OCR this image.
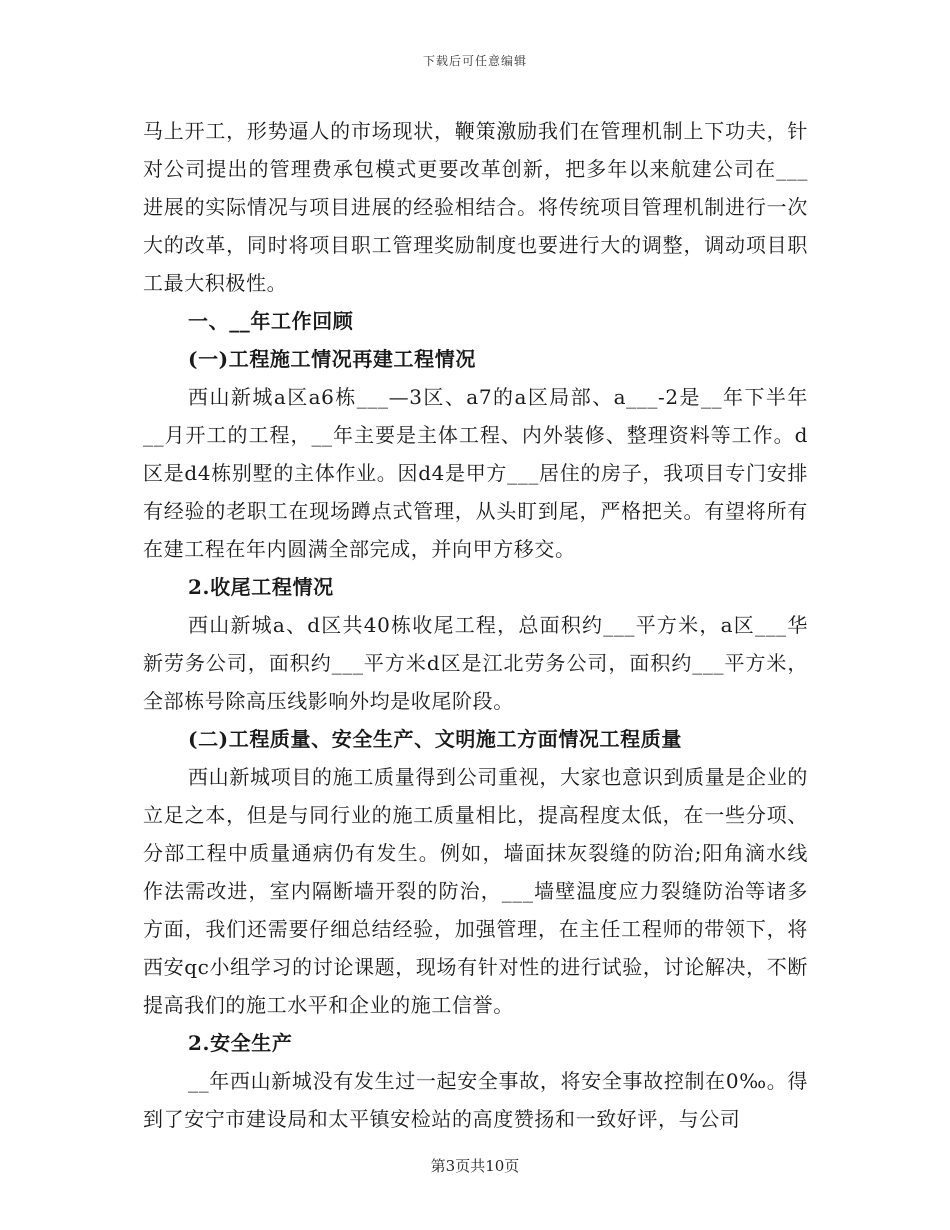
下载后可任意编辑

马上开工，形势逼人的市场现状，鞭策激励我们在管理机制上下功夫，针对公司提出的管理费承包模式更要改革创新，把多年以来航建公司在___进展的实际情况与项目进展的经验相结合。将传统项目管理机制进行一次大的改革，同时将项目职工管理奖励制度也要进行大的调整，调动项目职工最大积极性。

一、__年工作回顾

(一)工程施工情况再建工程情况

西山新城a区a6栋___—3区、a7的a区局部、a___-2是__年下半年__月开工的工程，__年主要是主体工程、内外装修、整理资料等工作。d区是d4栋别墅的主体作业。因d4是甲方___居住的房子，我项目专门安排有经验的老职工在现场蹲点式管理，从头盯到尾，严格把关。有望将所有在建工程在年内圆满全部完成，并向甲方移交。

2.收尾工程情况

西山新城a、d区共40栋收尾工程，总面积约___平方米，a区___华新劳务公司，面积约___平方米d区是江北劳务公司，面积约___平方米，全部栋号除高压线影响外均是收尾阶段。

(二)工程质量、安全生产、文明施工方面情况工程质量

西山新城项目的施工质量得到公司重视，大家也意识到质量是企业的立足之本，但是与同行业的施工质量相比，提高程度太低，在一些分项、分部工程中质量通病仍有发生。例如，墙面抹灰裂缝的防治;阳角滴水线作法需改进，室内隔断墙开裂的防治，___墙壁温度应力裂缝防治等诸多方面，我们还需要仔细总结经验，加强管理，在主任工程师的带领下，将西安qc小组学习的讨论课题，现场有针对性的进行试验，讨论解决，不断提高我们的施工水平和企业的施工信誉。

2.安全生产

__年西山新城没有发生过一起安全事故，将安全事故控制在0‰。得到了安宁市建设局和太平镇安检站的高度赞扬和一致好评，与公司

第3页共10页
